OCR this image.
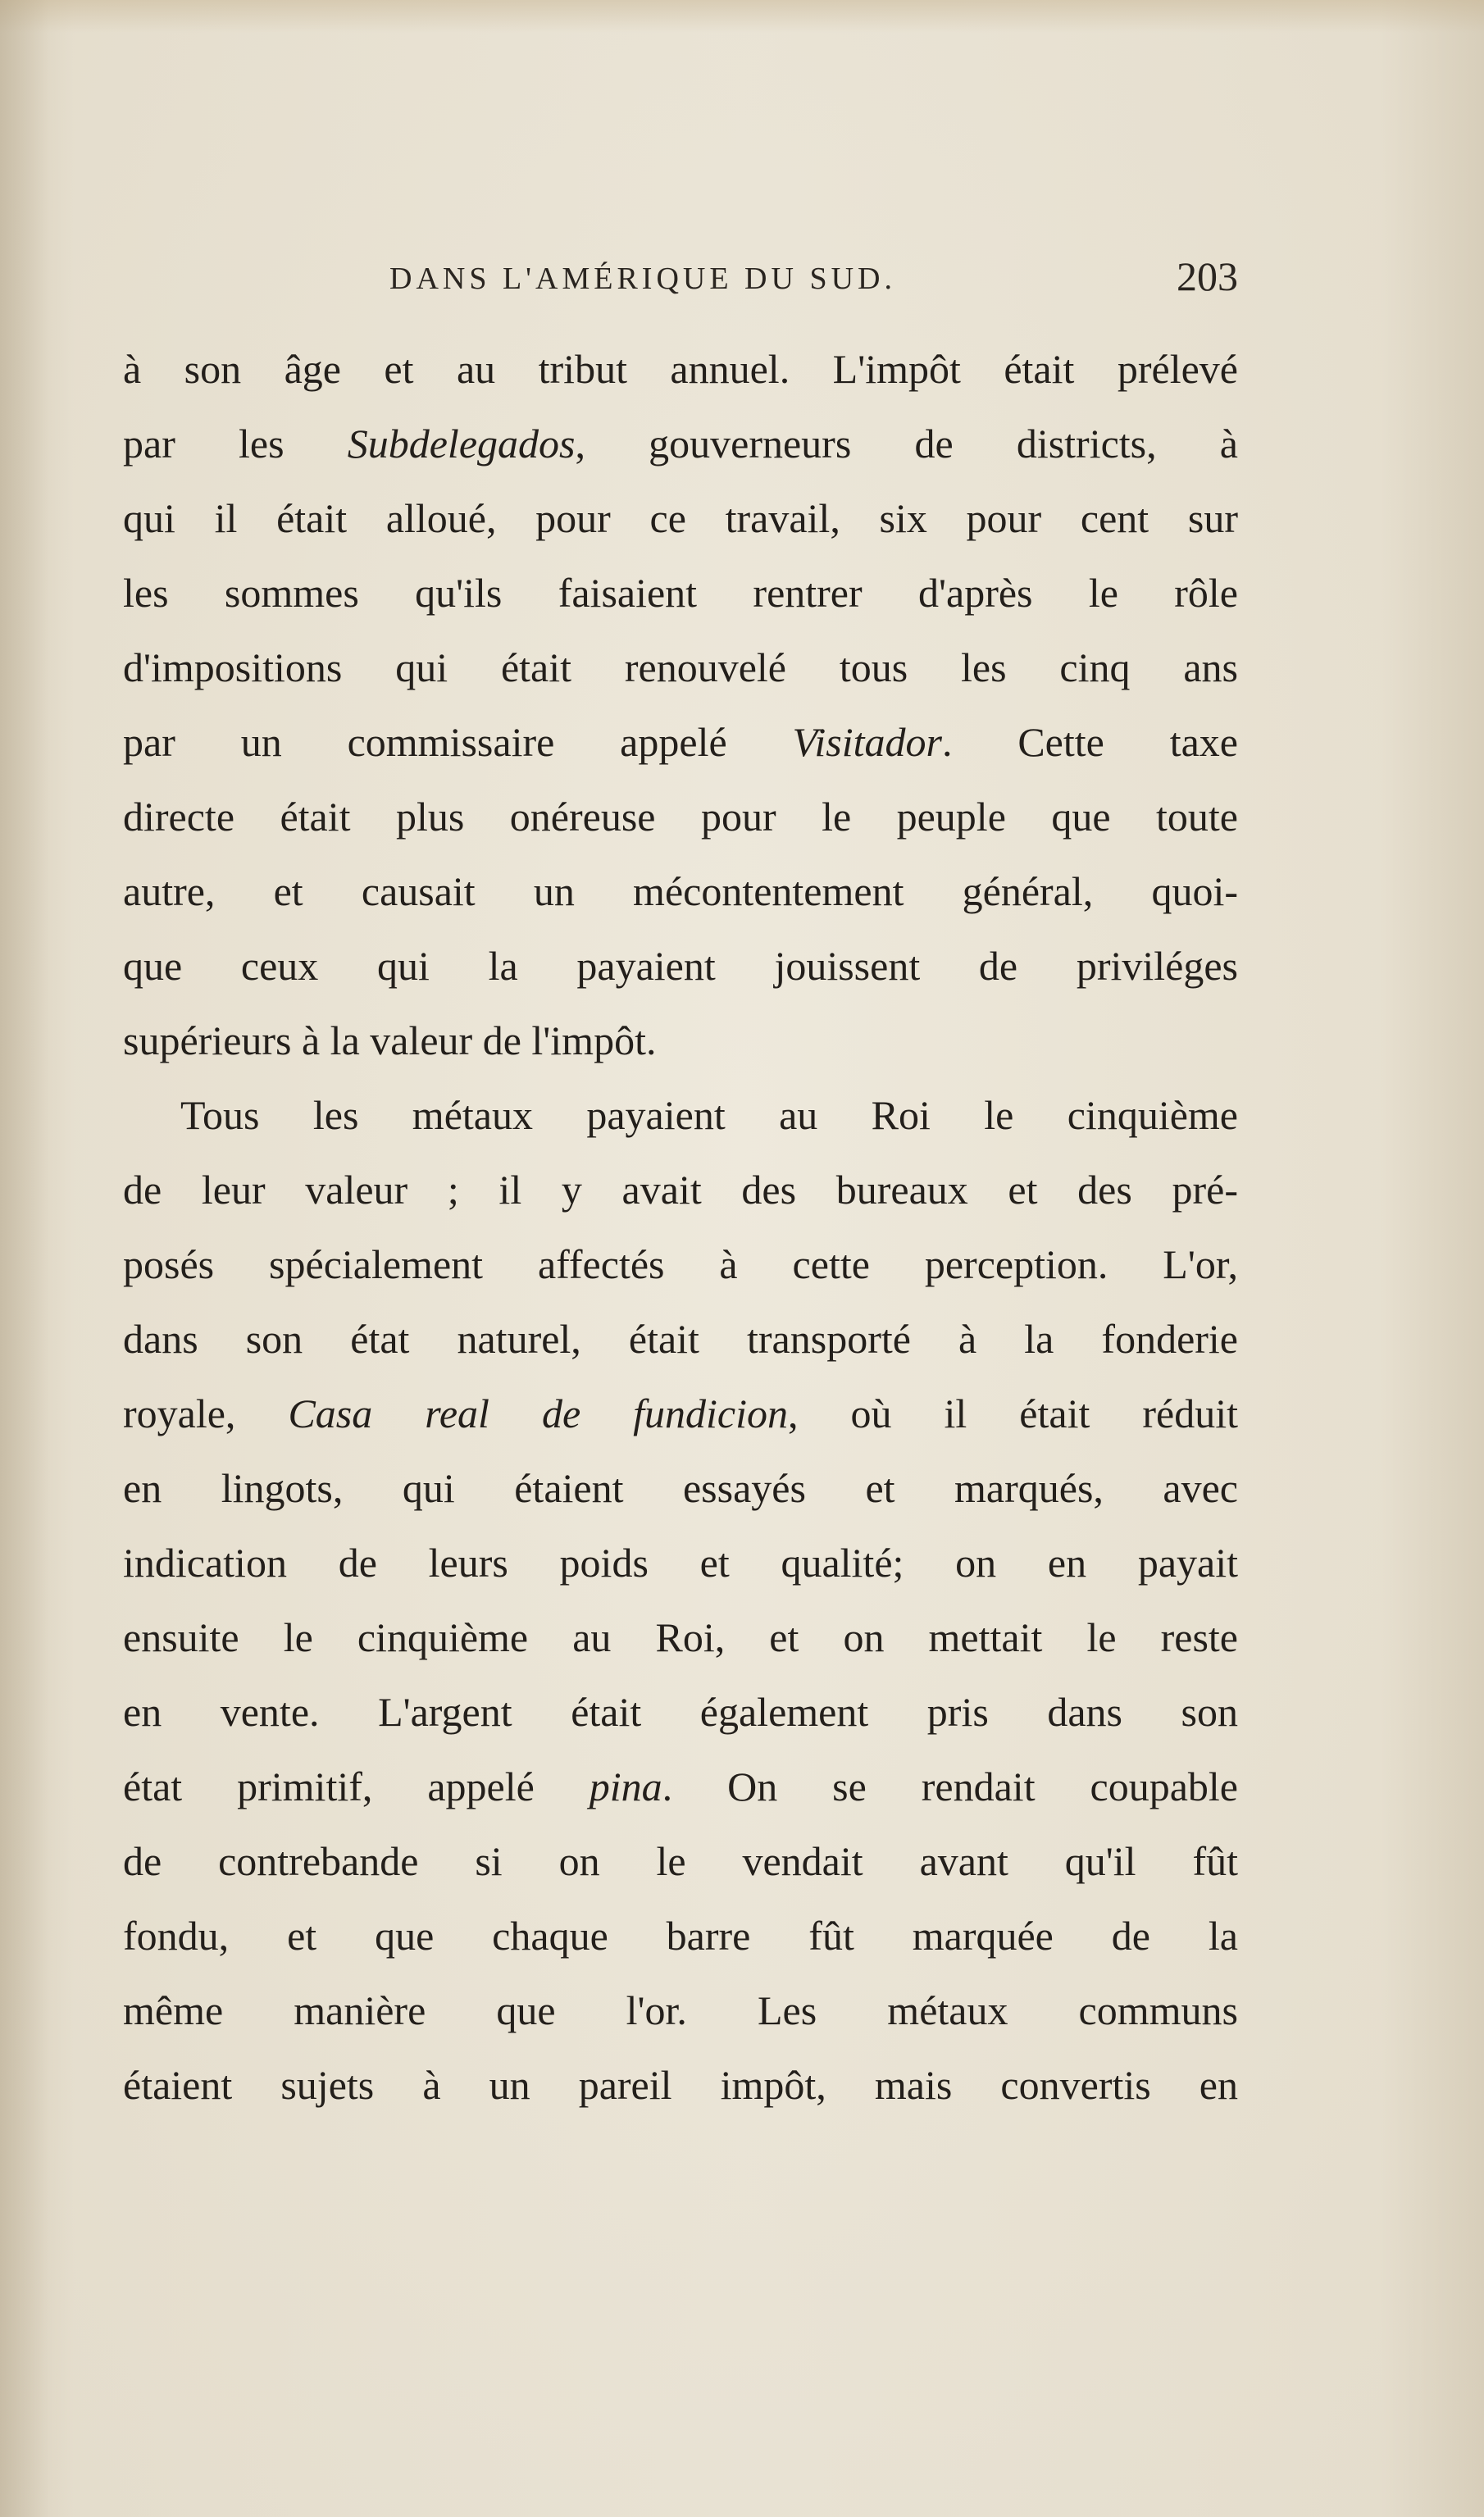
DANS L'AMÉRIQUE DU SUD.	203
à son âge et au tribut annuel. L'impôt était prélevé
par les Subdelegados, gouverneurs de districts, à
qui il était alloué, pour ce travail, six pour cent sur
les sommes qu'ils faisaient rentrer d'après le rôle
d'impositions qui était renouvelé tous les cinq ans
par un commissaire appelé Visitador. Cette taxe
directe était plus onéreuse pour le peuple que toute
autre, et causait un mécontentement général, quoi-
que ceux qui la payaient jouissent de priviléges
supérieurs à la valeur de l'impôt.
Tous les métaux payaient au Roi le cinquième
de leur valeur ; il y avait des bureaux et des pré-
posés spécialement affectés à cette perception. L'or,
dans son état naturel, était transporté à la fonderie
royale, Casa real de fundicion, où il était réduit
en lingots, qui étaient essayés et marqués, avec
indication de leurs poids et qualité; on en payait
ensuite le cinquième au Roi, et on mettait le reste
en vente. L'argent était également pris dans son
état primitif, appelé pina. On se rendait coupable
de contrebande si on le vendait avant qu'il fût
fondu, et que chaque barre fût marquée de la
même manière que l'or. Les métaux communs
étaient sujets à un pareil impôt, mais convertis en
